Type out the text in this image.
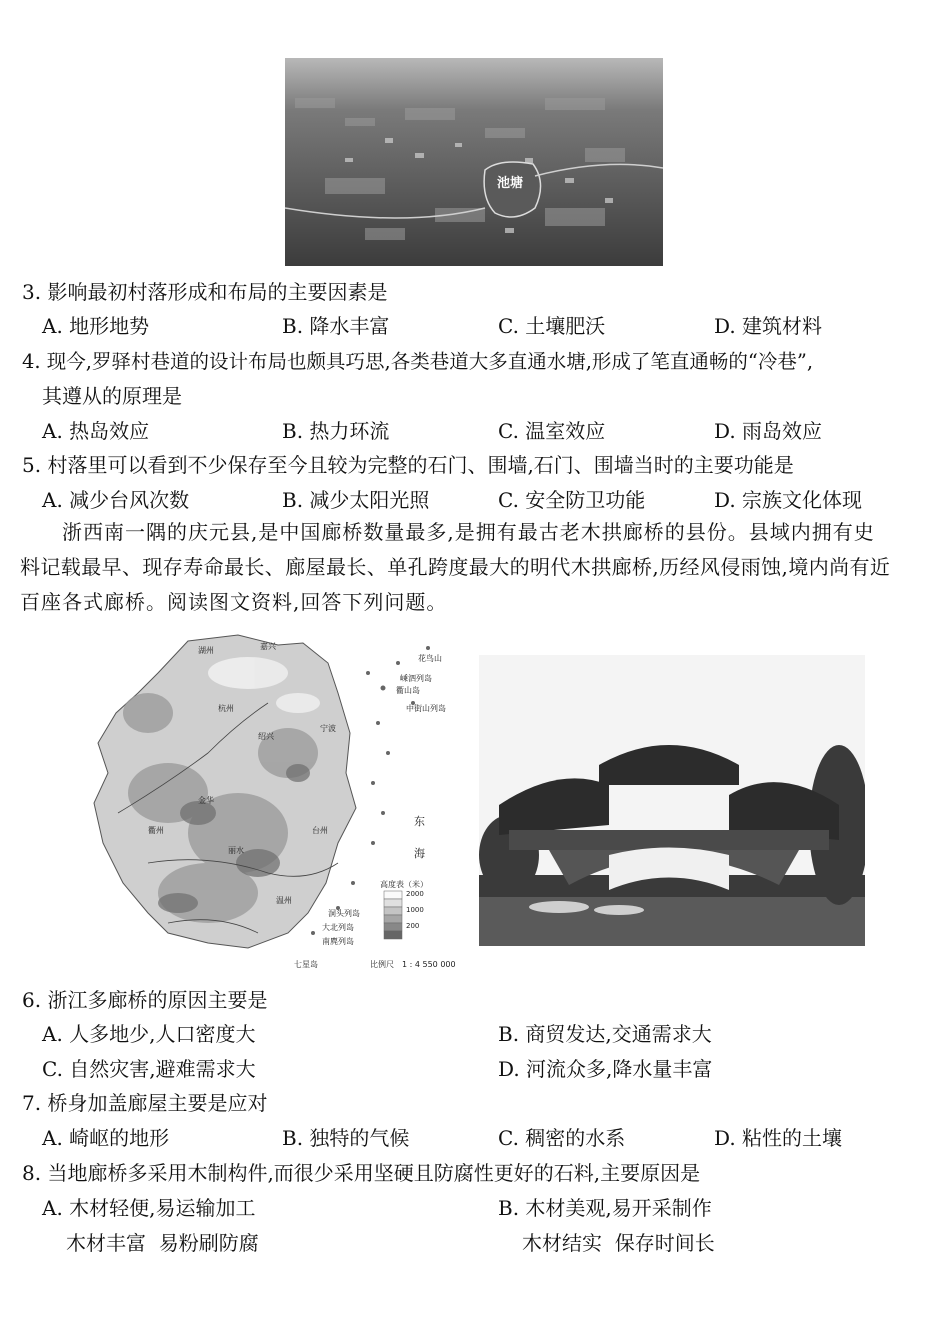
池塘
3. 影响最初村落形成和布局的主要因素是
A. 地形地势	B. 降水丰富	C. 土壤肥沃	D. 建筑材料
4. 现今,罗驿村巷道的设计布局也颇具巧思,各类巷道大多直通水塘,形成了笔直通畅的“冷巷”,
其遵从的原理是
A. 热岛效应	B. 热力环流	C. 温室效应	D. 雨岛效应
5. 村落里可以看到不少保存至今且较为完整的石门、围墙,石门、围墙当时的主要功能是
A. 减少台风次数	B. 减少太阳光照	C. 安全防卫功能	D. 宗族文化体现
浙西南一隅的庆元县,是中国廊桥数量最多,是拥有最古老木拱廊桥的县份。县域内拥有史
料记载最早、现存寿命最长、廊屋最长、单孔跨度最大的明代木拱廊桥,历经风侵雨蚀,境内尚有近
百座各式廊桥。阅读图文资料,回答下列问题。
花鸟山
嵊泗列岛
衢山岛
中街山列岛
湖州	嘉兴
杭州
绍兴
宁波
台州
丽水
温州
衢州
金华
东
海
南麂列岛
七星岛
洞头列岛
大北列岛
高度表（米）
2000
1000
200
比例尺　1 : 4 550 000
6. 浙江多廊桥的原因主要是
A. 人多地少,人口密度大	B. 商贸发达,交通需求大
C. 自然灾害,避难需求大	D. 河流众多,降水量丰富
7. 桥身加盖廊屋主要是应对
A. 崎岖的地形	B. 独特的气候	C. 稠密的水系	D. 粘性的土壤
8. 当地廊桥多采用木制构件,而很少采用坚硬且防腐性更好的石料,主要原因是
A. 木材轻便,易运输加工	B. 木材美观,易开采制作
木材丰富  易粉刷防腐	木材结实  保存时间长
